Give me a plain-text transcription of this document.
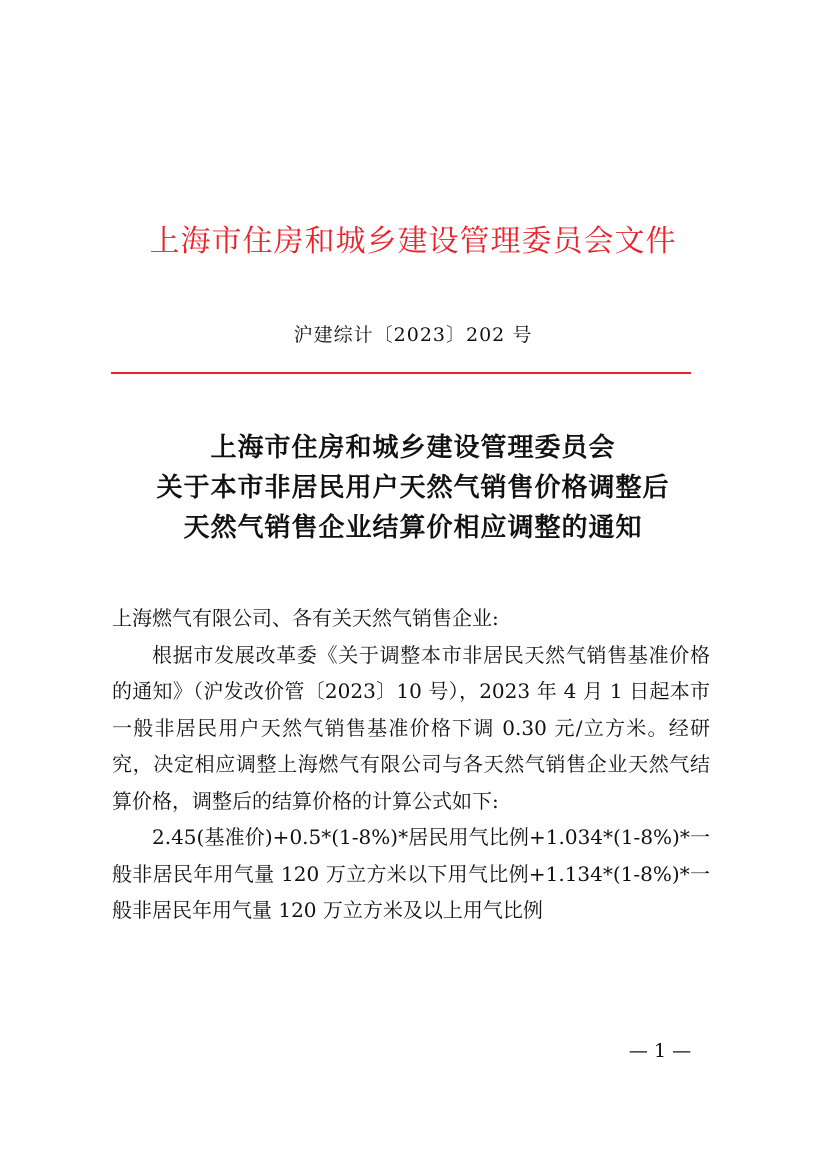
上海市住房和城乡建设管理委员会文件
沪建综计〔2023〕202 号
上海市住房和城乡建设管理委员会
关于本市非居民用户天然气销售价格调整后
天然气销售企业结算价相应调整的通知

上海燃气有限公司、各有关天然气销售企业:

根据市发展改革委《关于调整本市非居民天然气销售基准价格的通知》（沪发改价管〔2023〕10 号），2023 年 4 月 1 日起本市一般非居民用户天然气销售基准价格下调 0.30 元/立方米。经研究，决定相应调整上海燃气有限公司与各天然气销售企业天然气结算价格，调整后的结算价格的计算公式如下:

2.45(基准价)+0.5*(1-8%)*居民用气比例+1.034*(1-8%)*一般非居民年用气量 120 万立方米以下用气比例+1.134*(1-8%)*一般非居民年用气量 120 万立方米及以上用气比例

— 1 —
